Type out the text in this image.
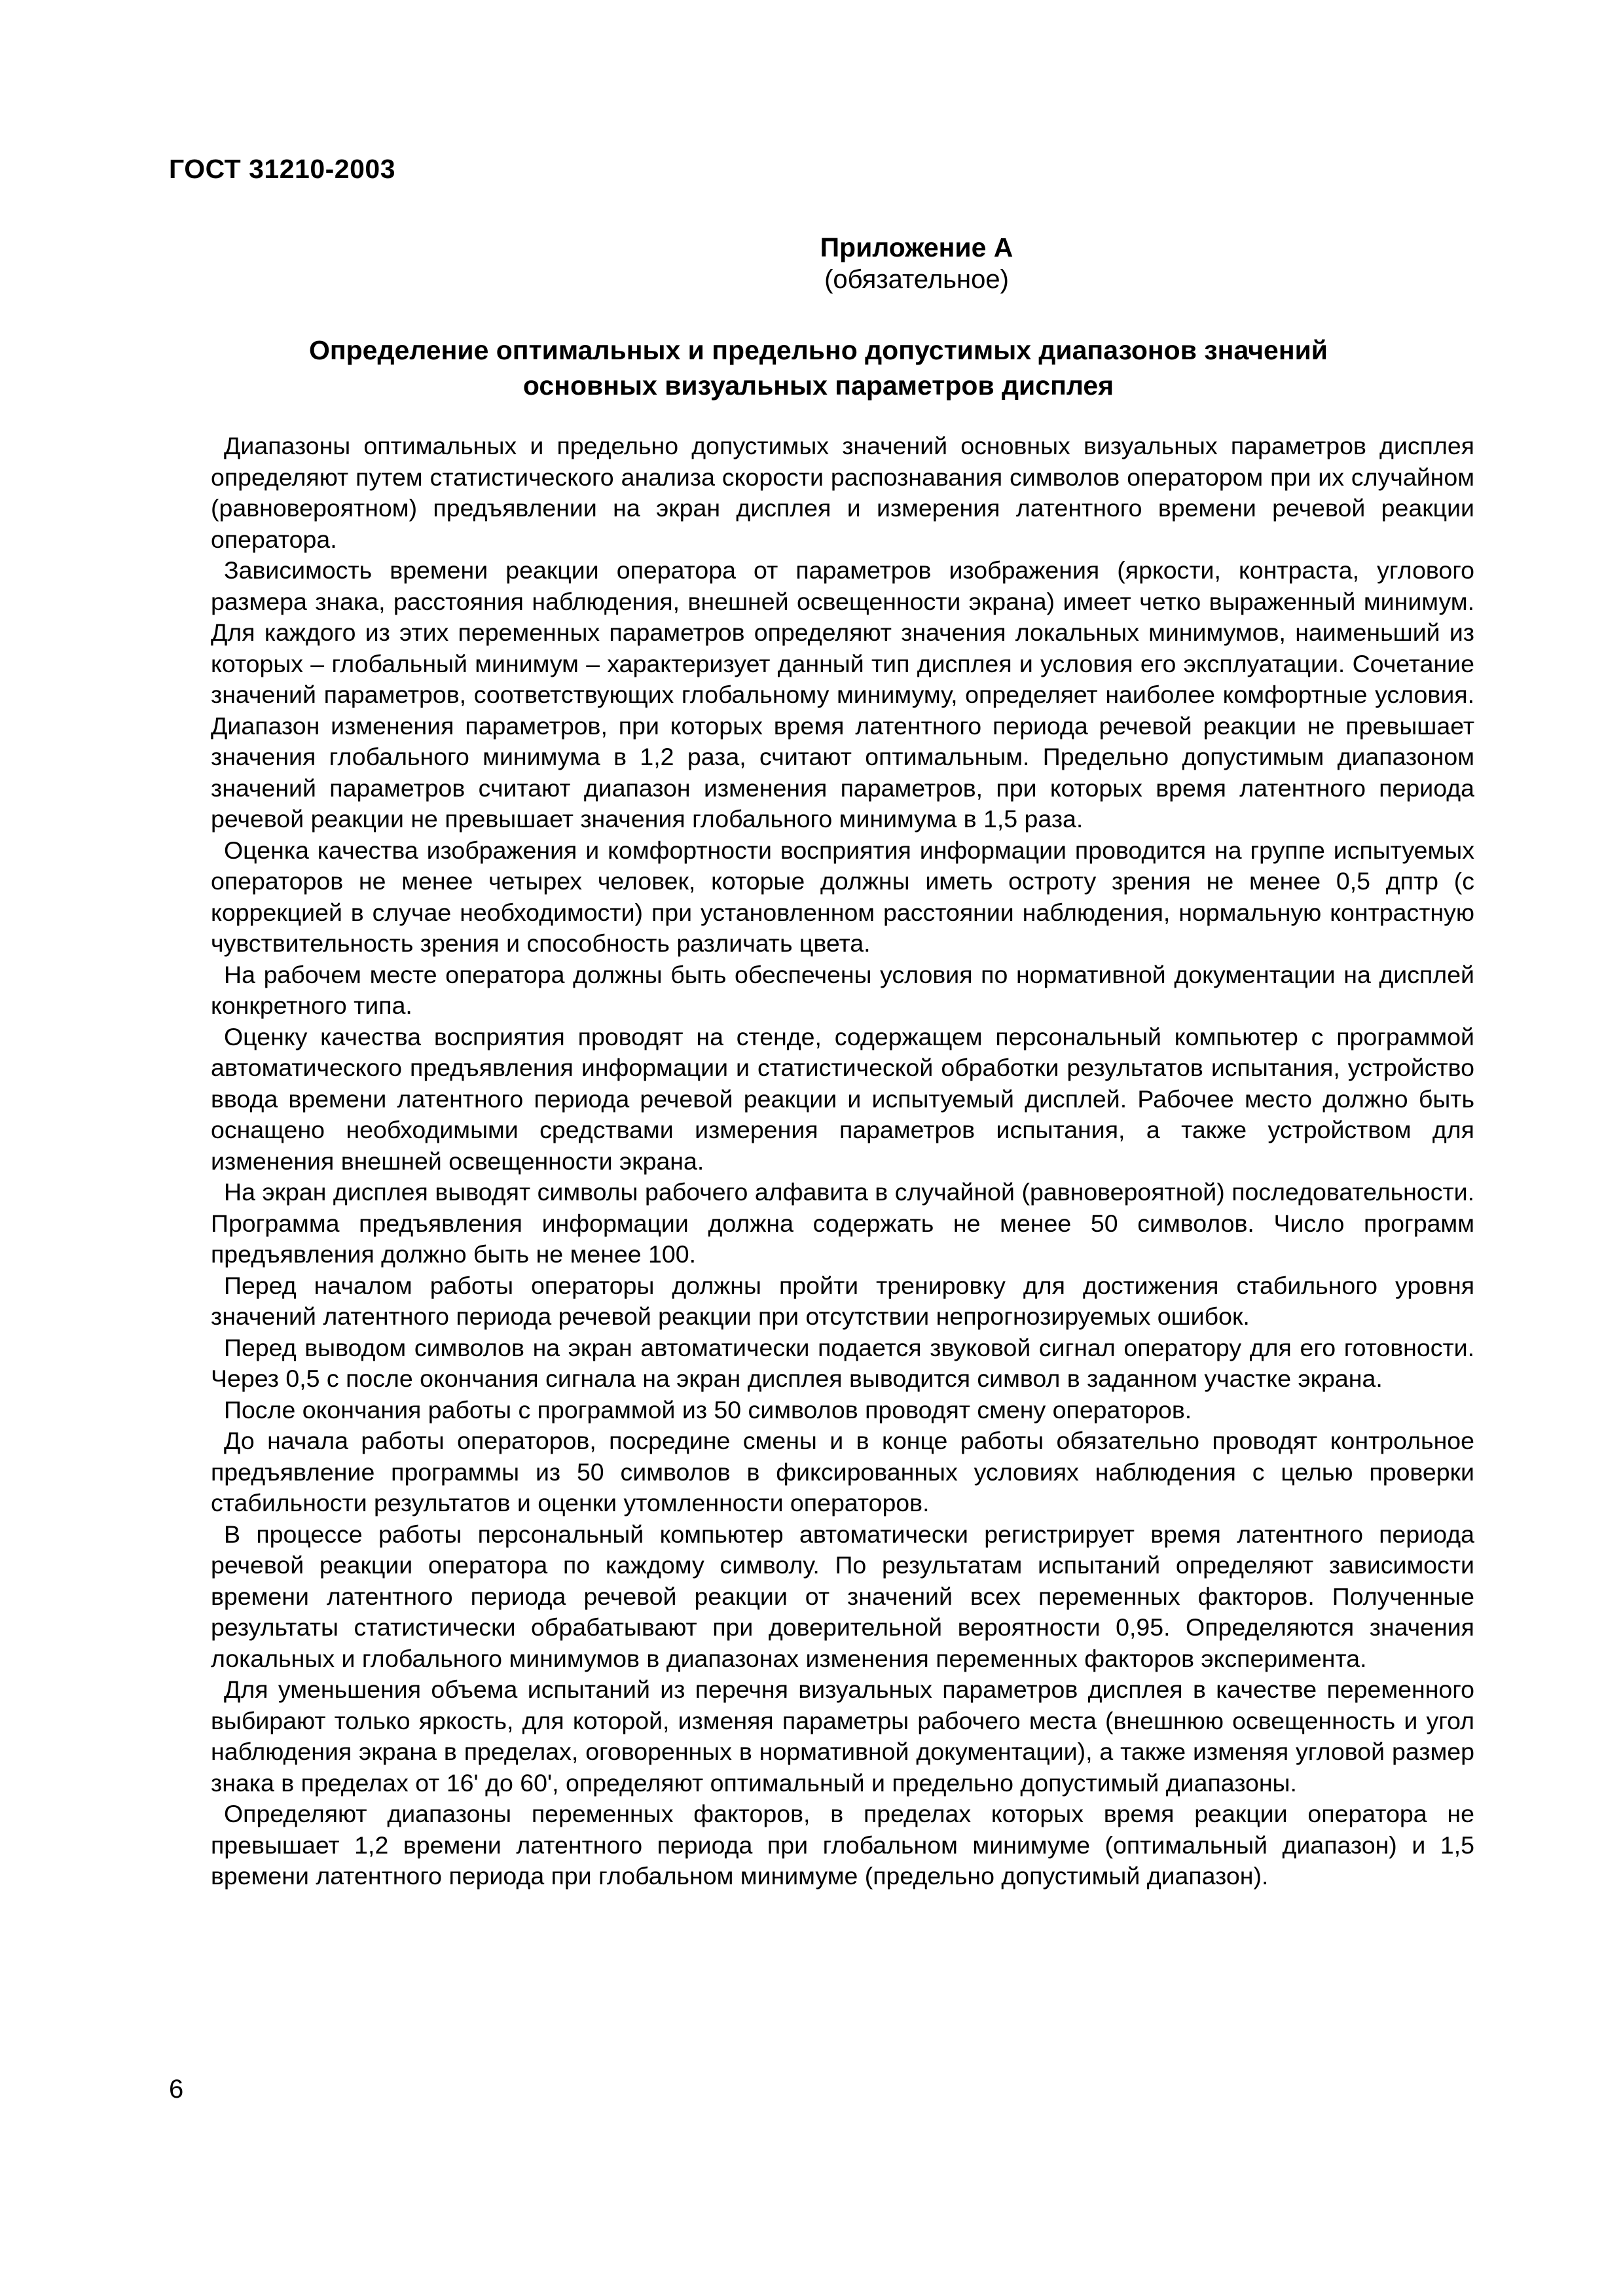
ГОСТ 31210-2003
Приложение А
(обязательное)
Определение оптимальных и предельно допустимых диапазонов значений
основных визуальных параметров дисплея

Диапазоны оптимальных и предельно допустимых значений основных визуальных параметров дисплея определяют путем статистического анализа скорости распознавания символов оператором при их случайном (равновероятном) предъявлении на экран дисплея и измерения латентного времени речевой реакции оператора.

Зависимость времени реакции оператора от параметров изображения (яркости, контраста, углового размера знака, расстояния наблюдения, внешней освещенности экрана) имеет четко выраженный минимум. Для каждого из этих переменных параметров определяют значения локальных минимумов, наименьший из которых – глобальный минимум – характеризует данный тип дисплея и условия его эксплуатации. Сочетание значений параметров, соответствующих глобальному минимуму, определяет наиболее комфортные условия. Диапазон изменения параметров, при которых время латентного периода речевой реакции не превышает значения глобального минимума в 1,2 раза, считают оптимальным. Предельно допустимым диапазоном значений параметров считают диапазон изменения параметров, при которых время латентного периода речевой реакции не превышает значения глобального минимума в 1,5 раза.

Оценка качества изображения и комфортности восприятия информации проводится на группе испытуемых операторов не менее четырех человек, которые должны иметь остроту зрения не менее 0,5 дптр (с коррекцией в случае необходимости) при установленном расстоянии наблюдения, нормальную контрастную чувствительность зрения и способность различать цвета.

На рабочем месте оператора должны быть обеспечены условия по нормативной документации на дисплей конкретного типа.

Оценку качества восприятия проводят на стенде, содержащем персональный компьютер с программой автоматического предъявления информации и статистической обработки результатов испытания, устройство ввода времени латентного периода речевой реакции и испытуемый дисплей. Рабочее место должно быть оснащено необходимыми средствами измерения параметров испытания, а также устройством для изменения внешней освещенности экрана.

На экран дисплея выводят символы рабочего алфавита в случайной (равновероятной) последовательности. Программа предъявления информации должна содержать не менее 50 символов. Число программ предъявления должно быть не менее 100.

Перед началом работы операторы должны пройти тренировку для достижения стабильного уровня значений латентного периода речевой реакции при отсутствии непрогнозируемых ошибок.

Перед выводом символов на экран автоматически подается звуковой сигнал оператору для его готовности. Через 0,5 с после окончания сигнала на экран дисплея выводится символ в заданном участке экрана.

После окончания работы с программой из 50 символов проводят смену операторов.

До начала работы операторов, посредине смены и в конце работы обязательно проводят контрольное предъявление программы из 50 символов в фиксированных условиях наблюдения с целью проверки стабильности результатов и оценки утомленности операторов.

В процессе работы персональный компьютер автоматически регистрирует время латентного периода речевой реакции оператора по каждому символу. По результатам испытаний определяют зависимости времени латентного периода речевой реакции от значений всех переменных факторов. Полученные результаты статистически обрабатывают при доверительной вероятности 0,95. Определяются значения локальных и глобального минимумов в диапазонах изменения переменных факторов эксперимента.

Для уменьшения объема испытаний из перечня визуальных параметров дисплея в качестве переменного выбирают только яркость, для которой, изменяя параметры рабочего места (внешнюю освещенность и угол наблюдения экрана в пределах, оговоренных в нормативной документации), а также изменяя угловой размер знака в пределах от 16' до 60', определяют оптимальный и предельно допустимый диапазоны.

Определяют диапазоны переменных факторов, в пределах которых время реакции оператора не превышает 1,2 времени латентного периода при глобальном минимуме (оптимальный диапазон) и 1,5 времени латентного периода при глобальном минимуме (предельно допустимый диапазон).

6
